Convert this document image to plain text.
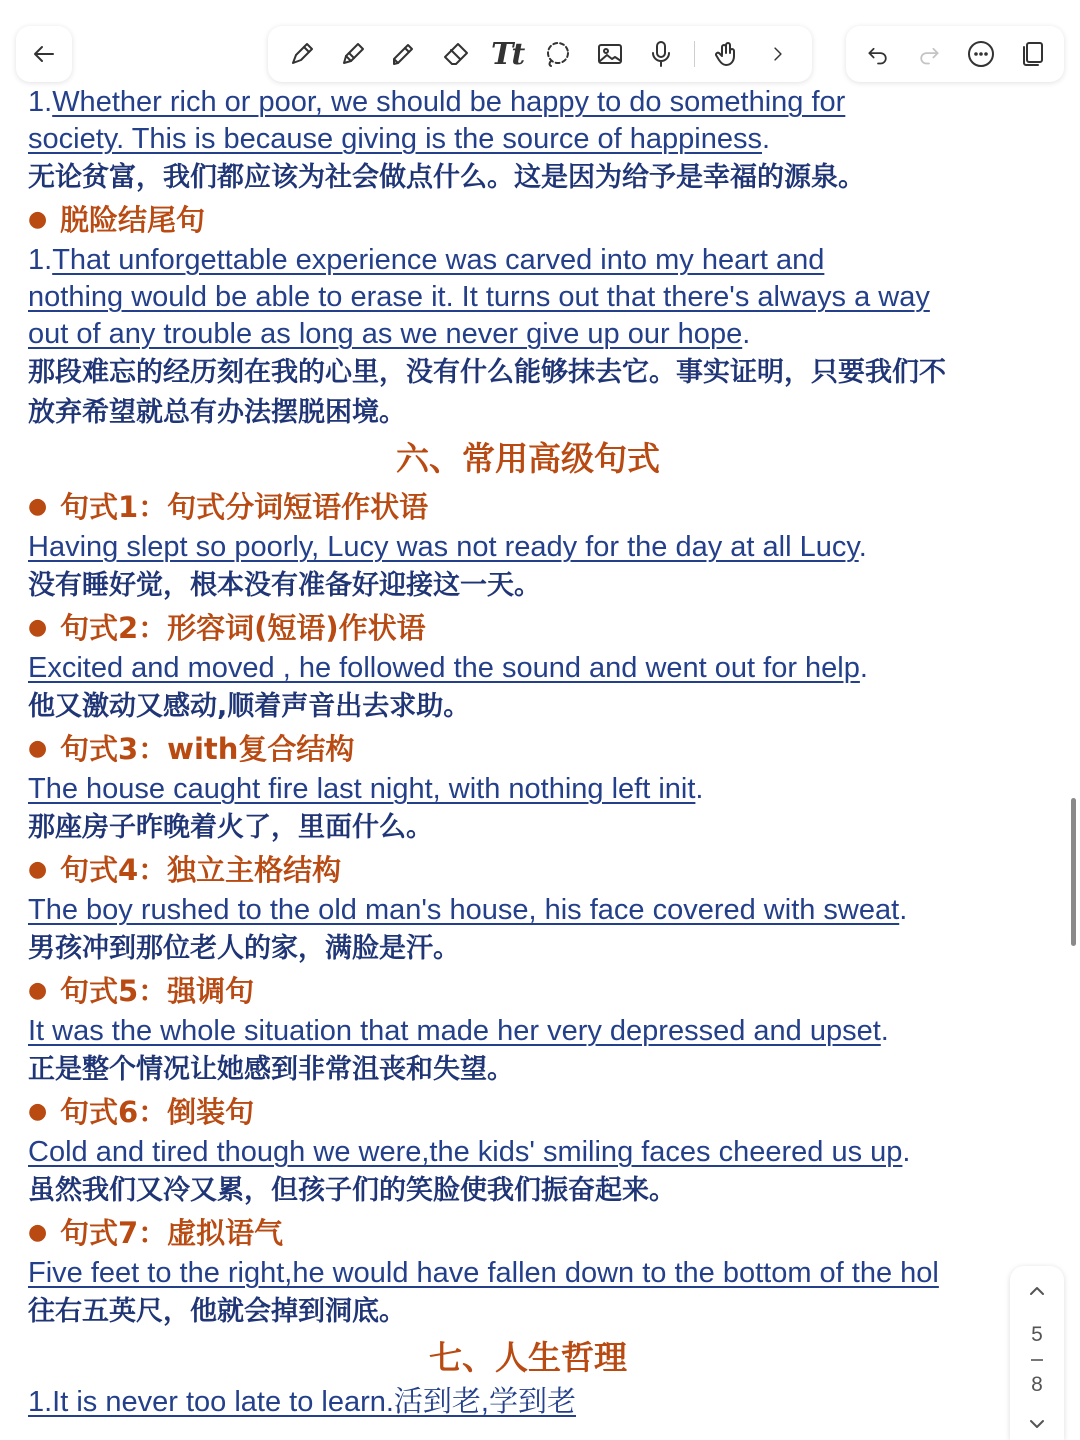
Tt
1.Whether rich or poor, we should be happy to do something for
society. This is because giving is the source of happiness.
无论贫富，我们都应该为社会做点什么。这是因为给予是幸福的源泉。
● 脱险结尾句
1.That unforgettable experience was carved into my heart and
nothing would be able to erase it. It turns out that there's always a way
out of any trouble as long as we never give up our hope.
那段难忘的经历刻在我的心里，没有什么能够抹去它。事实证明，只要我们不
放弃希望就总有办法摆脱困境。
六、常用高级句式
● 句式1：句式分词短语作状语
Having slept so poorly, Lucy was not ready for the day at all Lucy.
没有睡好觉，根本没有准备好迎接这一天。
● 句式2：形容词(短语)作状语
Excited and moved , he followed the sound and went out for help.
他又激动又感动,顺着声音出去求助。
● 句式3：with复合结构
The house caught fire last night, with nothing left init.
那座房子昨晚着火了，里面什么。
● 句式4：独立主格结构
The boy rushed to the old man's house, his face covered with sweat.
男孩冲到那位老人的家，满脸是汗。
● 句式5：强调句
It was the whole situation that made her very depressed and upset.
正是整个情况让她感到非常沮丧和失望。
● 句式6：倒装句
Cold and tired though we were,the kids' smiling faces cheered us up.
虽然我们又冷又累，但孩子们的笑脸使我们振奋起来。
● 句式7：虚拟语气
Five feet to the right,he would have fallen down to the bottom of the hol
往右五英尺，他就会掉到洞底。
七、人生哲理
1.It is never too late to learn.活到老,学到老
5
8
